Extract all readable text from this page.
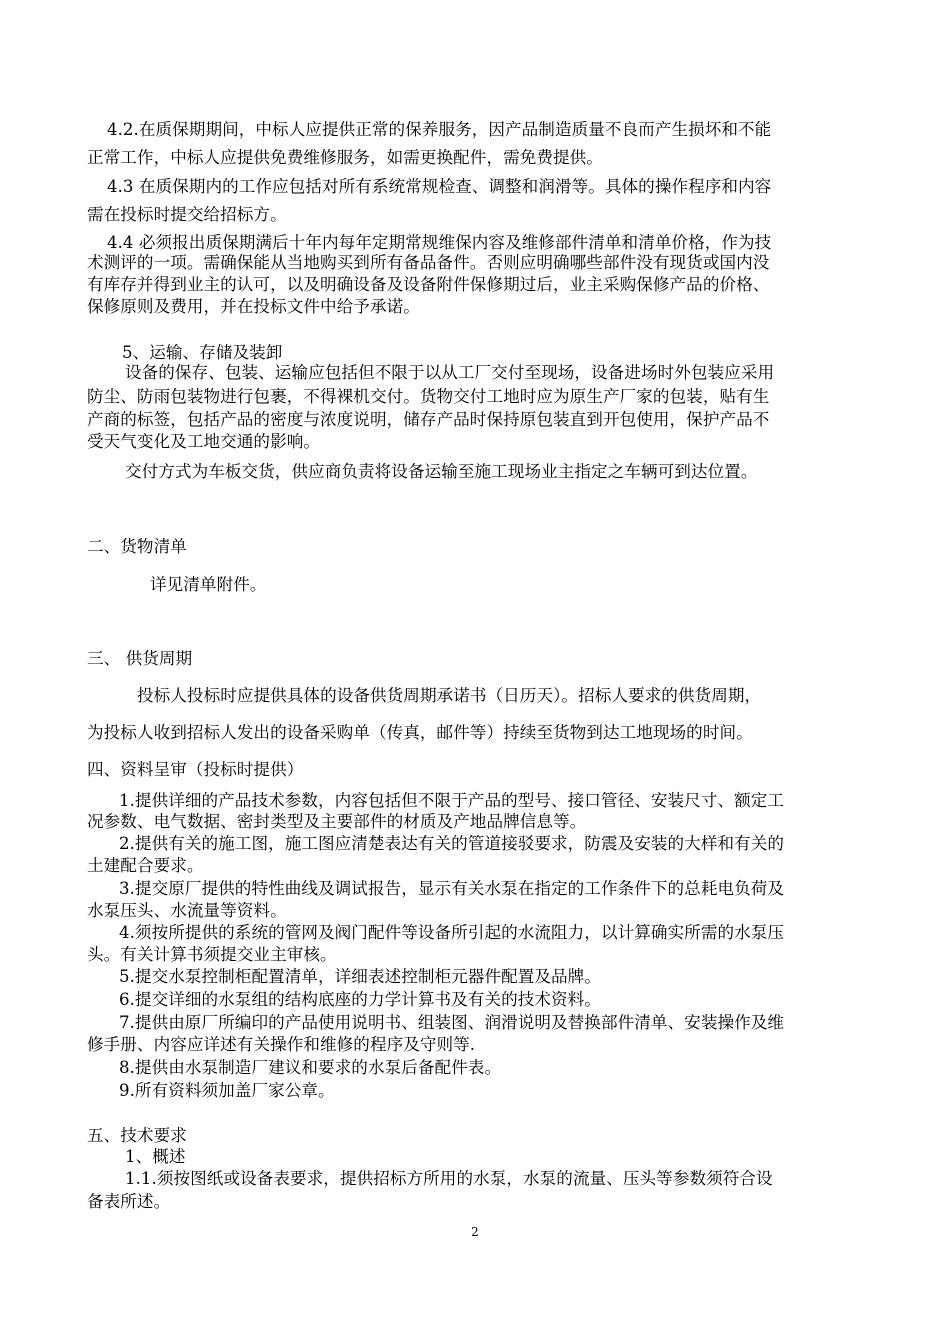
4.2.在质保期期间，中标人应提供正常的保养服务，因产品制造质量不良而产生损坏和不能
正常工作，中标人应提供免费维修服务，如需更换配件，需免费提供。
4.3 在质保期内的工作应包括对所有系统常规检查、调整和润滑等。具体的操作程序和内容
需在投标时提交给招标方。
4.4 必须报出质保期满后十年内每年定期常规维保内容及维修部件清单和清单价格，作为技
术测评的一项。需确保能从当地购买到所有备品备件。否则应明确哪些部件没有现货或国内没
有库存并得到业主的认可，以及明确设备及设备附件保修期过后，业主采购保修产品的价格、
保修原则及费用，并在投标文件中给予承诺。
5、运输、存储及装卸
设备的保存、包装、运输应包括但不限于以从工厂交付至现场，设备进场时外包装应采用
防尘、防雨包装物进行包裹，不得裸机交付。货物交付工地时应为原生产厂家的包装，贴有生
产商的标签，包括产品的密度与浓度说明，储存产品时保持原包装直到开包使用，保护产品不
受天气变化及工地交通的影响。
交付方式为车板交货，供应商负责将设备运输至施工现场业主指定之车辆可到达位置。
二、货物清单
详见清单附件。
三、 供货周期
投标人投标时应提供具体的设备供货周期承诺书（日历天）。招标人要求的供货周期，
为投标人收到招标人发出的设备采购单（传真，邮件等）持续至货物到达工地现场的时间。
四、资料呈审（投标时提供）
1.提供详细的产品技术参数，内容包括但不限于产品的型号、接口管径、安装尺寸、额定工
况参数、电气数据、密封类型及主要部件的材质及产地品牌信息等。
2.提供有关的施工图，施工图应清楚表达有关的管道接驳要求，防震及安装的大样和有关的
土建配合要求。
3.提交原厂提供的特性曲线及调试报告，显示有关水泵在指定的工作条件下的总耗电负荷及
水泵压头、水流量等资料。
4.须按所提供的系统的管网及阀门配件等设备所引起的水流阻力，以计算确实所需的水泵压
头。有关计算书须提交业主审核。
5.提交水泵控制柜配置清单，详细表述控制柜元器件配置及品牌。
6.提交详细的水泵组的结构底座的力学计算书及有关的技术资料。
7.提供由原厂所编印的产品使用说明书、组装图、润滑说明及替换部件清单、安装操作及维
修手册、内容应详述有关操作和维修的程序及守则等.
8.提供由水泵制造厂建议和要求的水泵后备配件表。
9.所有资料须加盖厂家公章。
五、技术要求
1、概述
1.1.须按图纸或设备表要求，提供招标方所用的水泵，水泵的流量、压头等参数须符合设
备表所述。
2
